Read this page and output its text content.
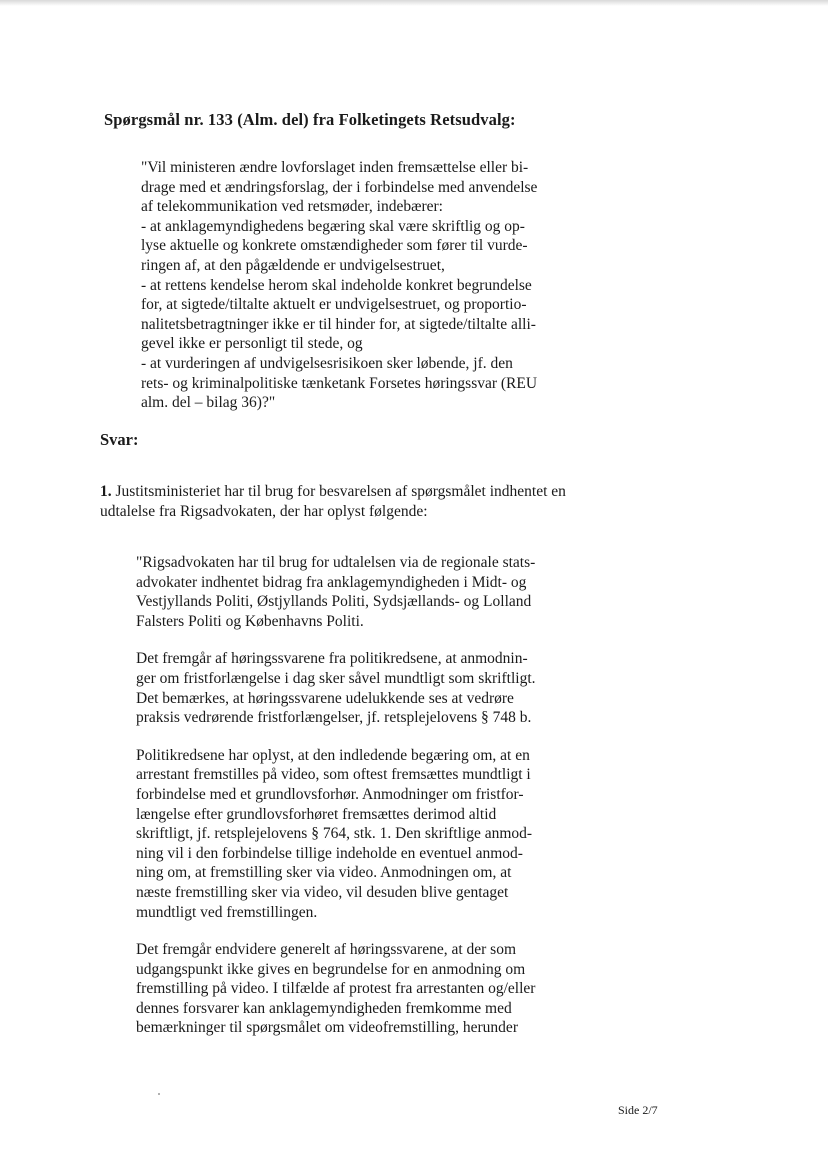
Spørgsmål nr. 133 (Alm. del) fra Folketingets Retsudvalg:
"Vil ministeren ændre lovforslaget inden fremsættelse eller bi-
drage med et ændringsforslag, der i forbindelse med anvendelse
af telekommunikation ved retsmøder, indebærer:
- at anklagemyndighedens begæring skal være skriftlig og op-
lyse aktuelle og konkrete omstændigheder som fører til vurde-
ringen af, at den pågældende er undvigelsestruet,
- at rettens kendelse herom skal indeholde konkret begrundelse
for, at sigtede/tiltalte aktuelt er undvigelsestruet, og proportio-
nalitetsbetragtninger ikke er til hinder for, at sigtede/tiltalte alli-
gevel ikke er personligt til stede, og
- at vurderingen af undvigelsesrisikoen sker løbende, jf. den
rets- og kriminalpolitiske tænketank Forsetes høringssvar (REU
alm. del – bilag 36)?"
Svar:
1. Justitsministeriet har til brug for besvarelsen af spørgsmålet indhentet en
udtalelse fra Rigsadvokaten, der har oplyst følgende:
"Rigsadvokaten har til brug for udtalelsen via de regionale stats-
advokater indhentet bidrag fra anklagemyndigheden i Midt- og
Vestjyllands Politi, Østjyllands Politi, Sydsjællands- og Lolland
Falsters Politi og Københavns Politi.
Det fremgår af høringssvarene fra politikredsene, at anmodnin-
ger om fristforlængelse i dag sker såvel mundtligt som skriftligt.
Det bemærkes, at høringssvarene udelukkende ses at vedrøre
praksis vedrørende fristforlængelser, jf. retsplejelovens § 748 b.
Politikredsene har oplyst, at den indledende begæring om, at en
arrestant fremstilles på video, som oftest fremsættes mundtligt i
forbindelse med et grundlovsforhør. Anmodninger om fristfor-
længelse efter grundlovsforhøret fremsættes derimod altid
skriftligt, jf. retsplejelovens § 764, stk. 1. Den skriftlige anmod-
ning vil i den forbindelse tillige indeholde en eventuel anmod-
ning om, at fremstilling sker via video. Anmodningen om, at
næste fremstilling sker via video, vil desuden blive gentaget
mundtligt ved fremstillingen.
Det fremgår endvidere generelt af høringssvarene, at der som
udgangspunkt ikke gives en begrundelse for en anmodning om
fremstilling på video. I tilfælde af protest fra arrestanten og/eller
dennes forsvarer kan anklagemyndigheden fremkomme med
bemærkninger til spørgsmålet om videofremstilling, herunder
Side 2/7
